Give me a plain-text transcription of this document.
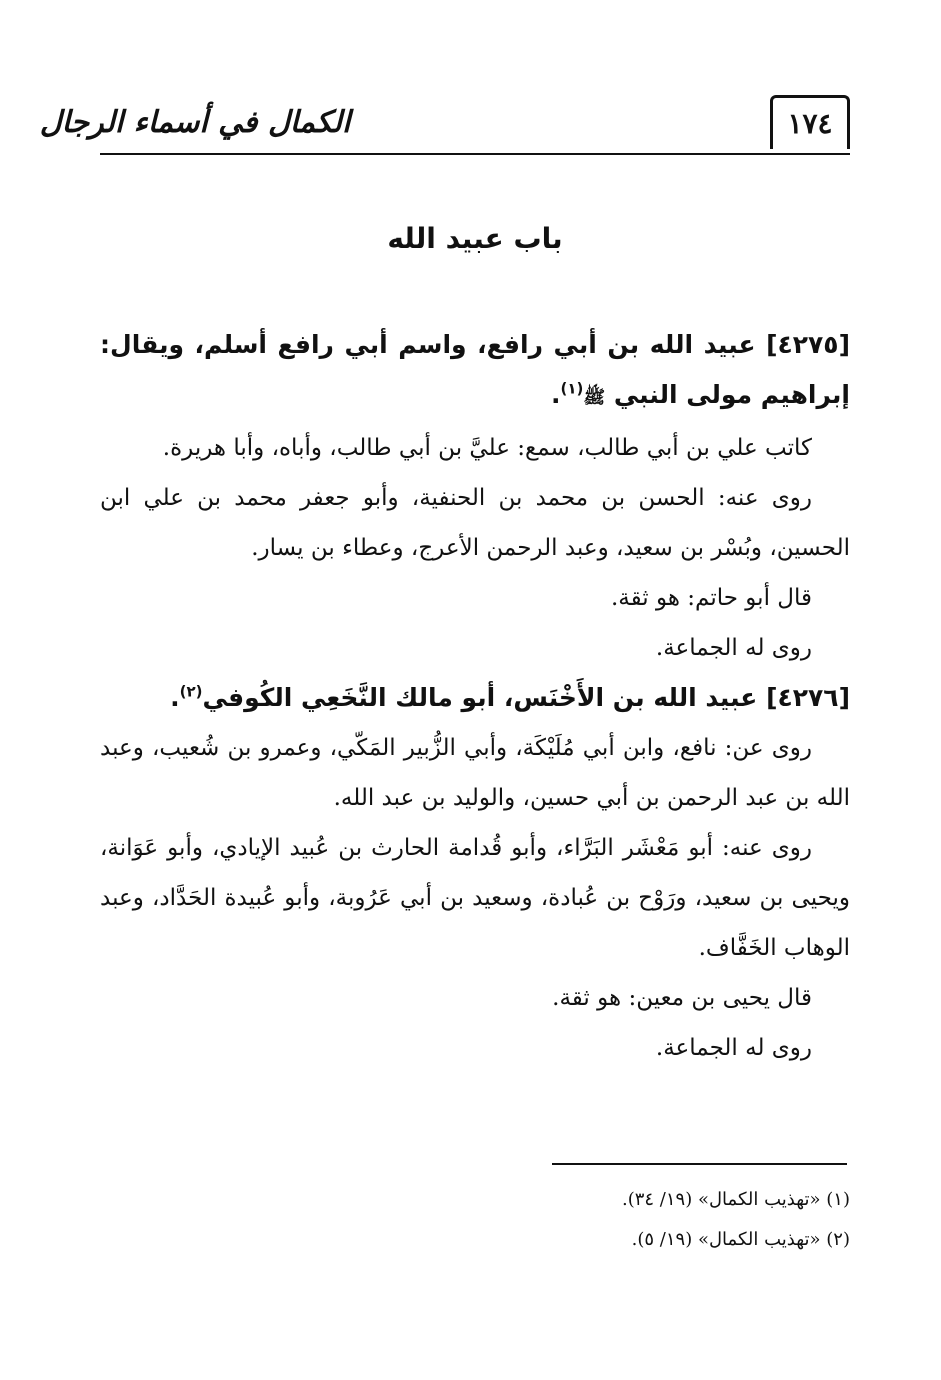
١٧٤
الكمال في أسماء الرجال
باب عبيد الله

[٤٢٧٥] عبيد الله بن أبي رافع، واسم أبي رافع أسلم، ويقال: إبراهيم مولى النبي ﷺ$^{(١)}$.

كاتب علي بن أبي طالب، سمع: عليَّ بن أبي طالب، وأباه، وأبا هريرة.

روى عنه: الحسن بن محمد بن الحنفية، وأبو جعفر محمد بن علي ابن الحسين، وبُسْر بن سعيد، وعبد الرحمن الأعرج، وعطاء بن يسار.

قال أبو حاتم: هو ثقة.

روى له الجماعة.

[٤٢٧٦] عبيد الله بن الأَخْنَس، أبو مالك النَّخَعِي الكُوفي$^{(٢)}$.

روى عن: نافع، وابن أبي مُلَيْكَة، وأبي الزُّبير المَكّي، وعمرو بن شُعيب، وعبد الله بن عبد الرحمن بن أبي حسين، والوليد بن عبد الله.

روى عنه: أبو مَعْشَر البَرَّاء، وأبو قُدامة الحارث بن عُبيد الإيادي، وأبو عَوَانة، ويحيى بن سعيد، ورَوْح بن عُبادة، وسعيد بن أبي عَرُوبة، وأبو عُبيدة الحَدَّاد، وعبد الوهاب الخَفَّاف.

قال يحيى بن معين: هو ثقة.

روى له الجماعة.

(١) «تهذيب الكمال» (١٩/ ٣٤).

(٢) «تهذيب الكمال» (١٩/ ٥).
